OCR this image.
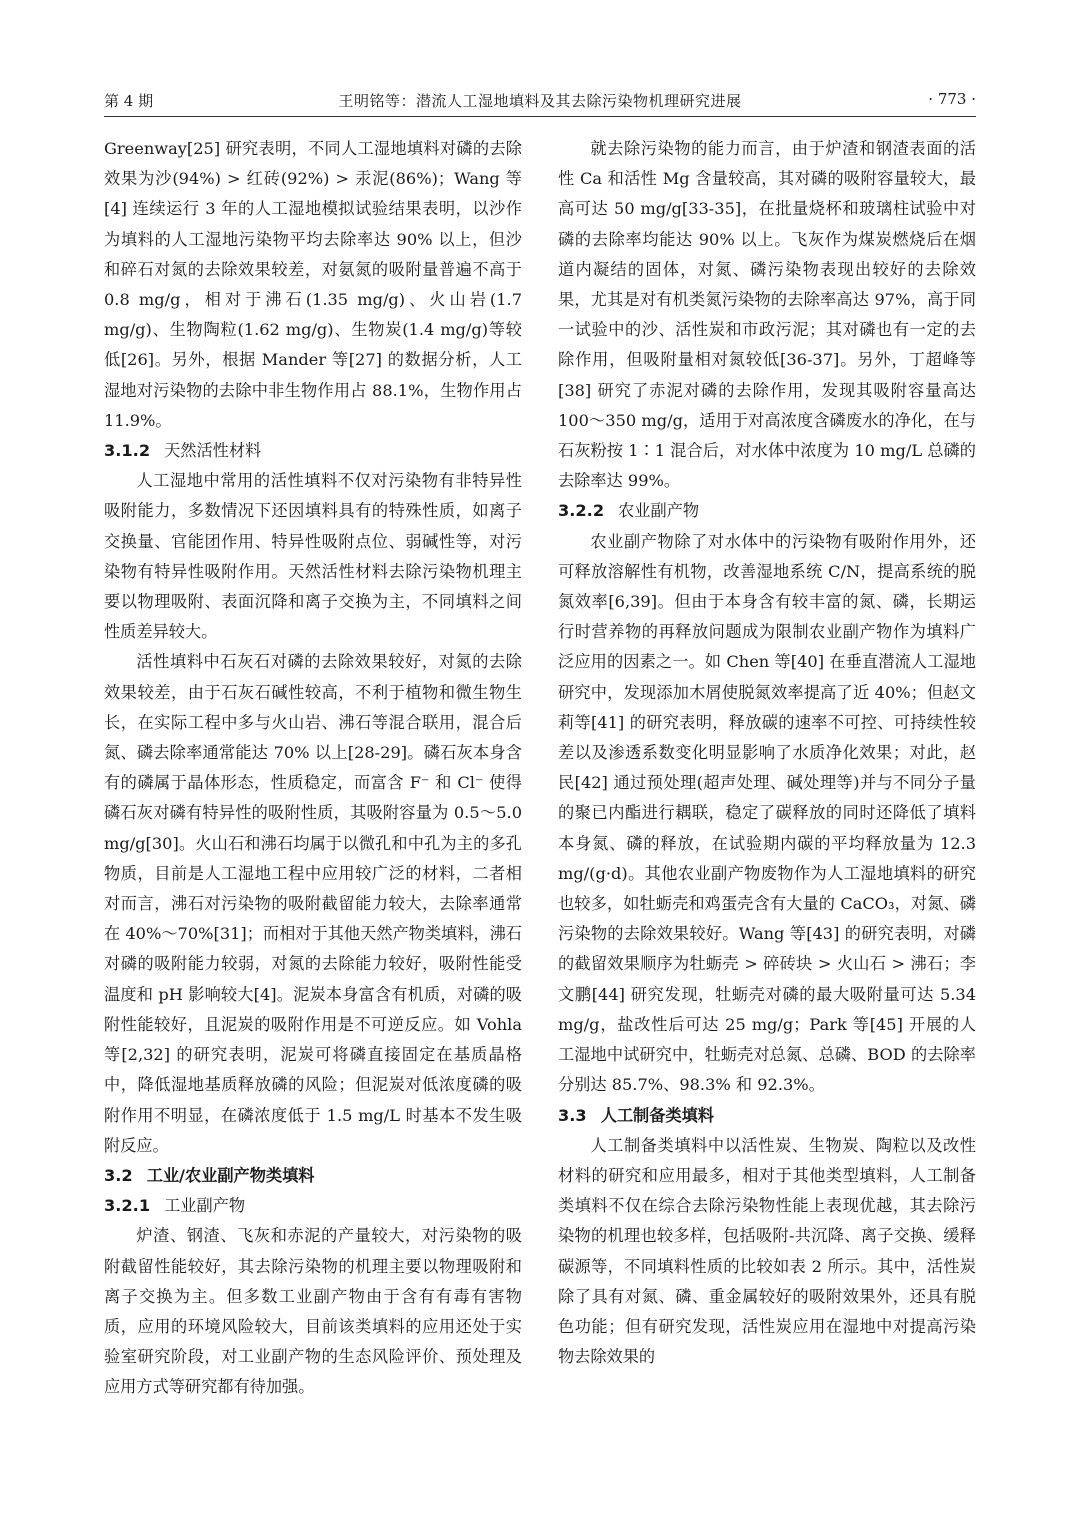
第 4 期	王明铭等：潜流人工湿地填料及其去除污染物机理研究进展	· 773 ·

Greenway[25] 研究表明，不同人工湿地填料对磷的去除效果为沙(94%) > 红砖(92%) > 汞泥(86%)；Wang 等[4] 连续运行 3 年的人工湿地模拟试验结果表明，以沙作为填料的人工湿地污染物平均去除率达 90% 以上，但沙和碎石对氮的去除效果较差，对氨氮的吸附量普遍不高于 0.8 mg/g，相对于沸石(1.35 mg/g)、火山岩(1.7 mg/g)、生物陶粒(1.62 mg/g)、生物炭(1.4 mg/g)等较低[26]。另外，根据 Mander 等[27] 的数据分析，人工湿地对污染物的去除中非生物作用占 88.1%，生物作用占 11.9%。

3.1.2 天然活性材料

人工湿地中常用的活性填料不仅对污染物有非特异性吸附能力，多数情况下还因填料具有的特殊性质，如离子交换量、官能团作用、特异性吸附点位、弱碱性等，对污染物有特异性吸附作用。天然活性材料去除污染物机理主要以物理吸附、表面沉降和离子交换为主，不同填料之间性质差异较大。

活性填料中石灰石对磷的去除效果较好，对氮的去除效果较差，由于石灰石碱性较高，不利于植物和微生物生长，在实际工程中多与火山岩、沸石等混合联用，混合后氮、磷去除率通常能达 70% 以上[28-29]。磷石灰本身含有的磷属于晶体形态，性质稳定，而富含 F⁻ 和 Cl⁻ 使得磷石灰对磷有特异性的吸附性质，其吸附容量为 0.5～5.0 mg/g[30]。火山石和沸石均属于以微孔和中孔为主的多孔物质，目前是人工湿地工程中应用较广泛的材料，二者相对而言，沸石对污染物的吸附截留能力较大，去除率通常在 40%～70%[31]；而相对于其他天然产物类填料，沸石对磷的吸附能力较弱，对氮的去除能力较好，吸附性能受温度和 pH 影响较大[4]。泥炭本身富含有机质，对磷的吸附性能较好，且泥炭的吸附作用是不可逆反应。如 Vohla 等[2,32] 的研究表明，泥炭可将磷直接固定在基质晶格中，降低湿地基质释放磷的风险；但泥炭对低浓度磷的吸附作用不明显，在磷浓度低于 1.5 mg/L 时基本不发生吸附反应。

3.2 工业/农业副产物类填料
3.2.1 工业副产物

炉渣、钢渣、飞灰和赤泥的产量较大，对污染物的吸附截留性能较好，其去除污染物的机理主要以物理吸附和离子交换为主。但多数工业副产物由于含有有毒有害物质，应用的环境风险较大，目前该类填料的应用还处于实验室研究阶段，对工业副产物的生态风险评价、预处理及应用方式等研究都有待加强。

就去除污染物的能力而言，由于炉渣和钢渣表面的活性 Ca 和活性 Mg 含量较高，其对磷的吸附容量较大，最高可达 50 mg/g[33-35]，在批量烧杯和玻璃柱试验中对磷的去除率均能达 90% 以上。飞灰作为煤炭燃烧后在烟道内凝结的固体，对氮、磷污染物表现出较好的去除效果，尤其是对有机类氮污染物的去除率高达 97%，高于同一试验中的沙、活性炭和市政污泥；其对磷也有一定的去除作用，但吸附量相对氮较低[36-37]。另外，丁超峰等[38] 研究了赤泥对磷的去除作用，发现其吸附容量高达 100～350 mg/g，适用于对高浓度含磷废水的净化，在与石灰粉按 1∶1 混合后，对水体中浓度为 10 mg/L 总磷的去除率达 99%。

3.2.2 农业副产物

农业副产物除了对水体中的污染物有吸附作用外，还可释放溶解性有机物，改善湿地系统 C/N，提高系统的脱氮效率[6,39]。但由于本身含有较丰富的氮、磷，长期运行时营养物的再释放问题成为限制农业副产物作为填料广泛应用的因素之一。如 Chen 等[40] 在垂直潜流人工湿地研究中，发现添加木屑使脱氮效率提高了近 40%；但赵文莉等[41] 的研究表明，释放碳的速率不可控、可持续性较差以及渗透系数变化明显影响了水质净化效果；对此，赵民[42] 通过预处理(超声处理、碱处理等)并与不同分子量的聚已内酯进行耦联，稳定了碳释放的同时还降低了填料本身氮、磷的释放，在试验期内碳的平均释放量为 12.3 mg/(g·d)。其他农业副产物废物作为人工湿地填料的研究也较多，如牡蛎壳和鸡蛋壳含有大量的 CaCO₃，对氮、磷污染物的去除效果较好。Wang 等[43] 的研究表明，对磷的截留效果顺序为牡蛎壳 > 碎砖块 > 火山石 > 沸石；李文鹏[44] 研究发现，牡蛎壳对磷的最大吸附量可达 5.34 mg/g，盐改性后可达 25 mg/g；Park 等[45] 开展的人工湿地中试研究中，牡蛎壳对总氮、总磷、BOD 的去除率分别达 85.7%、98.3% 和 92.3%。

3.3 人工制备类填料

人工制备类填料中以活性炭、生物炭、陶粒以及改性材料的研究和应用最多，相对于其他类型填料，人工制备类填料不仅在综合去除污染物性能上表现优越，其去除污染物的机理也较多样，包括吸附-共沉降、离子交换、缓释碳源等，不同填料性质的比较如表 2 所示。其中，活性炭除了具有对氮、磷、重金属较好的吸附效果外，还具有脱色功能；但有研究发现，活性炭应用在湿地中对提高污染物去除效果的
